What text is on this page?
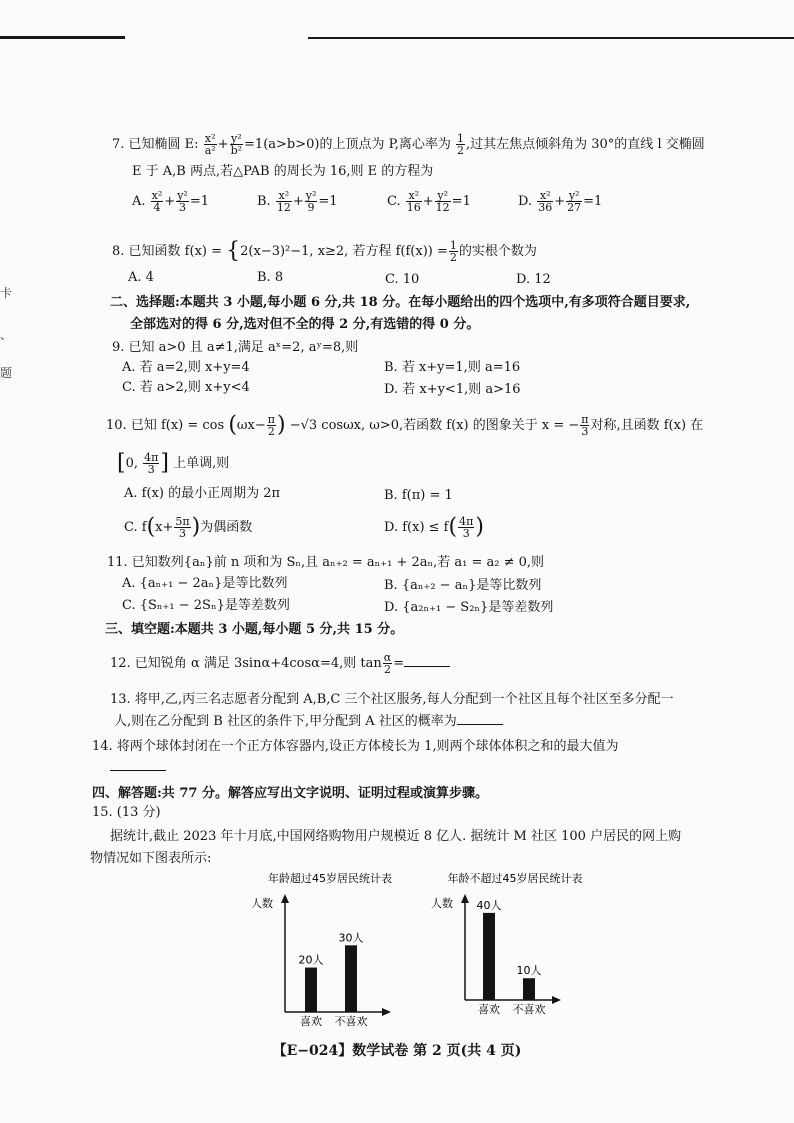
卡
、
题
7. 已知椭圆 E: $\frac{\text{x²}}{\text{a²}} + \frac{\text{y²}}{\text{b²}} =1(a>b>0)$的上顶点为 P,离心率为 $\frac{1}{2}$ ,过其左焦点倾斜角为 30°的直线 l 交椭圆
E 于 A,B 两点,若△PAB 的周长为 16,则 E 的方程为
A. $\frac{\text{x²}}{4} + \frac{\text{y²}}{3} =1$	B. $\frac{\text{x²}}{12} + \frac{\text{y²}}{9} =1$	C. $\frac{\text{x²}}{16} + \frac{\text{y²}}{12} =1$	D. $\frac{\text{x²}}{36} + \frac{\text{y²}}{27} =1$
8. 已知函数 f(x) = {2(x−3)²−1, x≥2, 若方程 $f(f(x)) = \frac{1}{2}$ 的实根个数为
A. 4	B. 8	C. 10	D. 12
二、选择题:本题共 3 小题,每小题 6 分,共 18 分。在每小题给出的四个选项中,有多项符合题目要求,
全部选对的得 6 分,选对但不全的得 2 分,有选错的得 0 分。
9. 已知 a>0 且 a≠1,满足 aˣ=2, aʸ=8,则
A. 若 a=2,则 x+y=4	B. 若 x+y=1,则 a=16
C. 若 a>2,则 x+y<4	D. 若 x+y<1,则 a>16
10. 已知 $f(x) = \cos (\omega x- \frac{\pi}{2}$ ) −√3 cosωx, ω>0,若函数 f(x) 的图象关于 x = − $\frac{\pi}{3}$ 对称,且函数 f(x) 在
[0, $\frac{4\pi}{3}$ ] 上单调,则
A. f(x) 的最小正周期为 2π	B. f(π) = 1
C. $f(x+ \frac{5\pi}{3}$ )为偶函数	D. $f(x) \le f( \frac{4\pi}{3}$ )
11. 已知数列{aₙ}前 n 项和为 Sₙ,且 aₙ₊₂ = aₙ₊₁ + 2aₙ,若 a₁ = a₂ ≠ 0,则
A. {aₙ₊₁ − 2aₙ}是等比数列	B. {aₙ₊₂ − aₙ}是等比数列
C. {Sₙ₊₁ − 2Sₙ}是等差数列	D. {a₂ₙ₊₁ − S₂ₙ}是等差数列
三、填空题:本题共 3 小题,每小题 5 分,共 15 分。
12. 已知锐角 α 满足 3sinα+4cosα=4,则 $\tan \frac{\alpha}{2}$ =
13. 将甲,乙,丙三名志愿者分配到 A,B,C 三个社区服务,每人分配到一个社区且每个社区至多分配一
人,则在乙分配到 B 社区的条件下,甲分配到 A 社区的概率为
14. 将两个球体封闭在一个正方体容器内,设正方体棱长为 1,则两个球体体积之和的最大值为
四、解答题:共 77 分。解答应写出文字说明、证明过程或演算步骤。
15. (13 分)
据统计,截止 2023 年十月底,中国网络购物用户规模近 8 亿人. 据统计 M 社区 100 户居民的网上购
物情况如下图表所示:
年龄超过45岁居民统计表
人数
20人
喜欢
30人
不喜欢
年龄不超过45岁居民统计表
人数 40人
喜欢
10人
不喜欢
【E−024】数学试卷 第 2 页(共 4 页)
